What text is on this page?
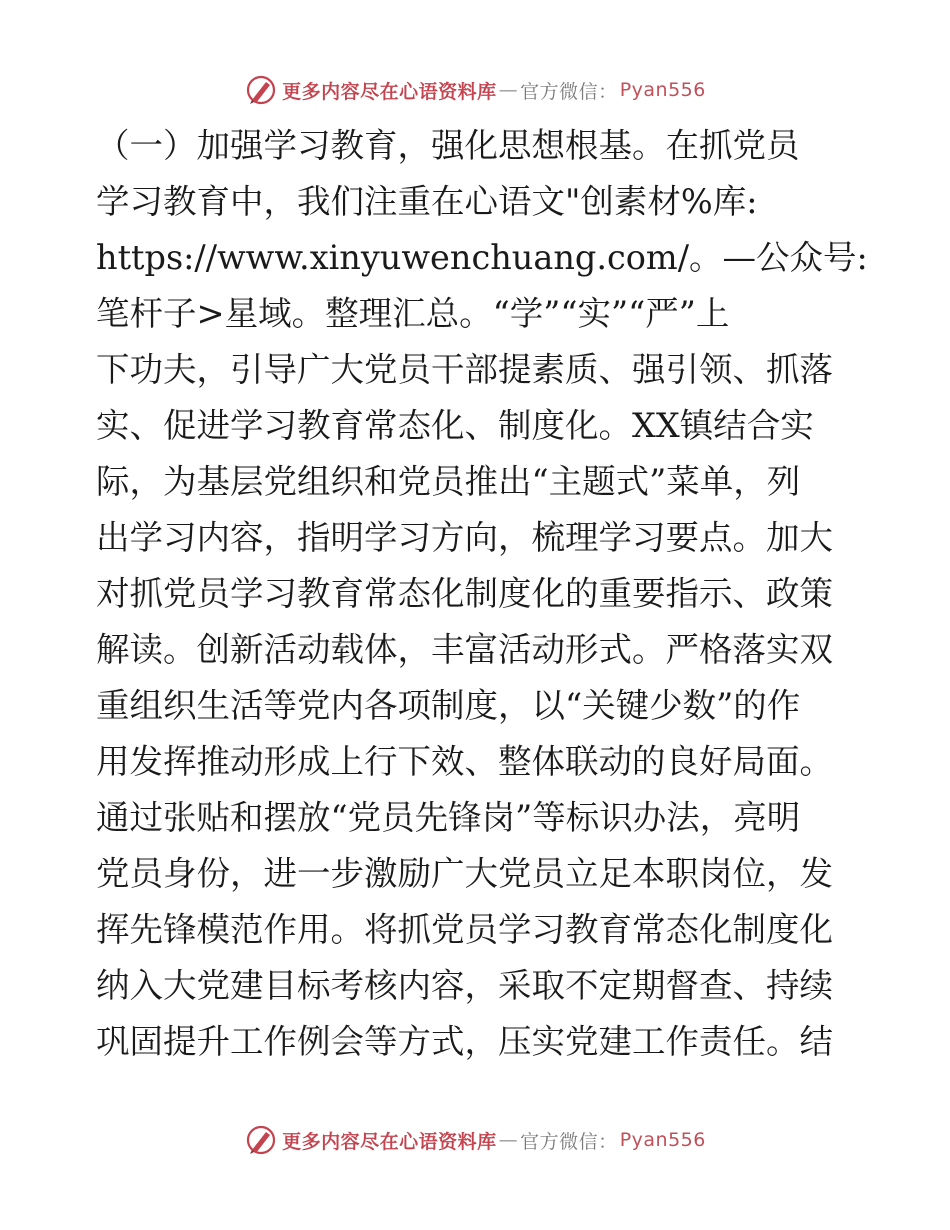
更多内容尽在心语资料库 — 官方微信： Pyan556
（一）加强学习教育，强化思想根基。在抓党员
学习教育中，我们注重在心语文"创素材%库:
https://www.xinyuwenchuang.com/。—公众号:
笔杆子>星域。整理汇总。“学”“实”“严”上
下功夫，引导广大党员干部提素质、强引领、抓落
实、促进学习教育常态化、制度化。XX镇结合实
际，为基层党组织和党员推出“主题式”菜单，列
出学习内容，指明学习方向，梳理学习要点。加大
对抓党员学习教育常态化制度化的重要指示、政策
解读。创新活动载体，丰富活动形式。严格落实双
重组织生活等党内各项制度，以“关键少数”的作
用发挥推动形成上行下效、整体联动的良好局面。
通过张贴和摆放“党员先锋岗”等标识办法，亮明
党员身份，进一步激励广大党员立足本职岗位，发
挥先锋模范作用。将抓党员学习教育常态化制度化
纳入大党建目标考核内容，采取不定期督查、持续
巩固提升工作例会等方式，压实党建工作责任。结
更多内容尽在心语资料库 — 官方微信： Pyan556
